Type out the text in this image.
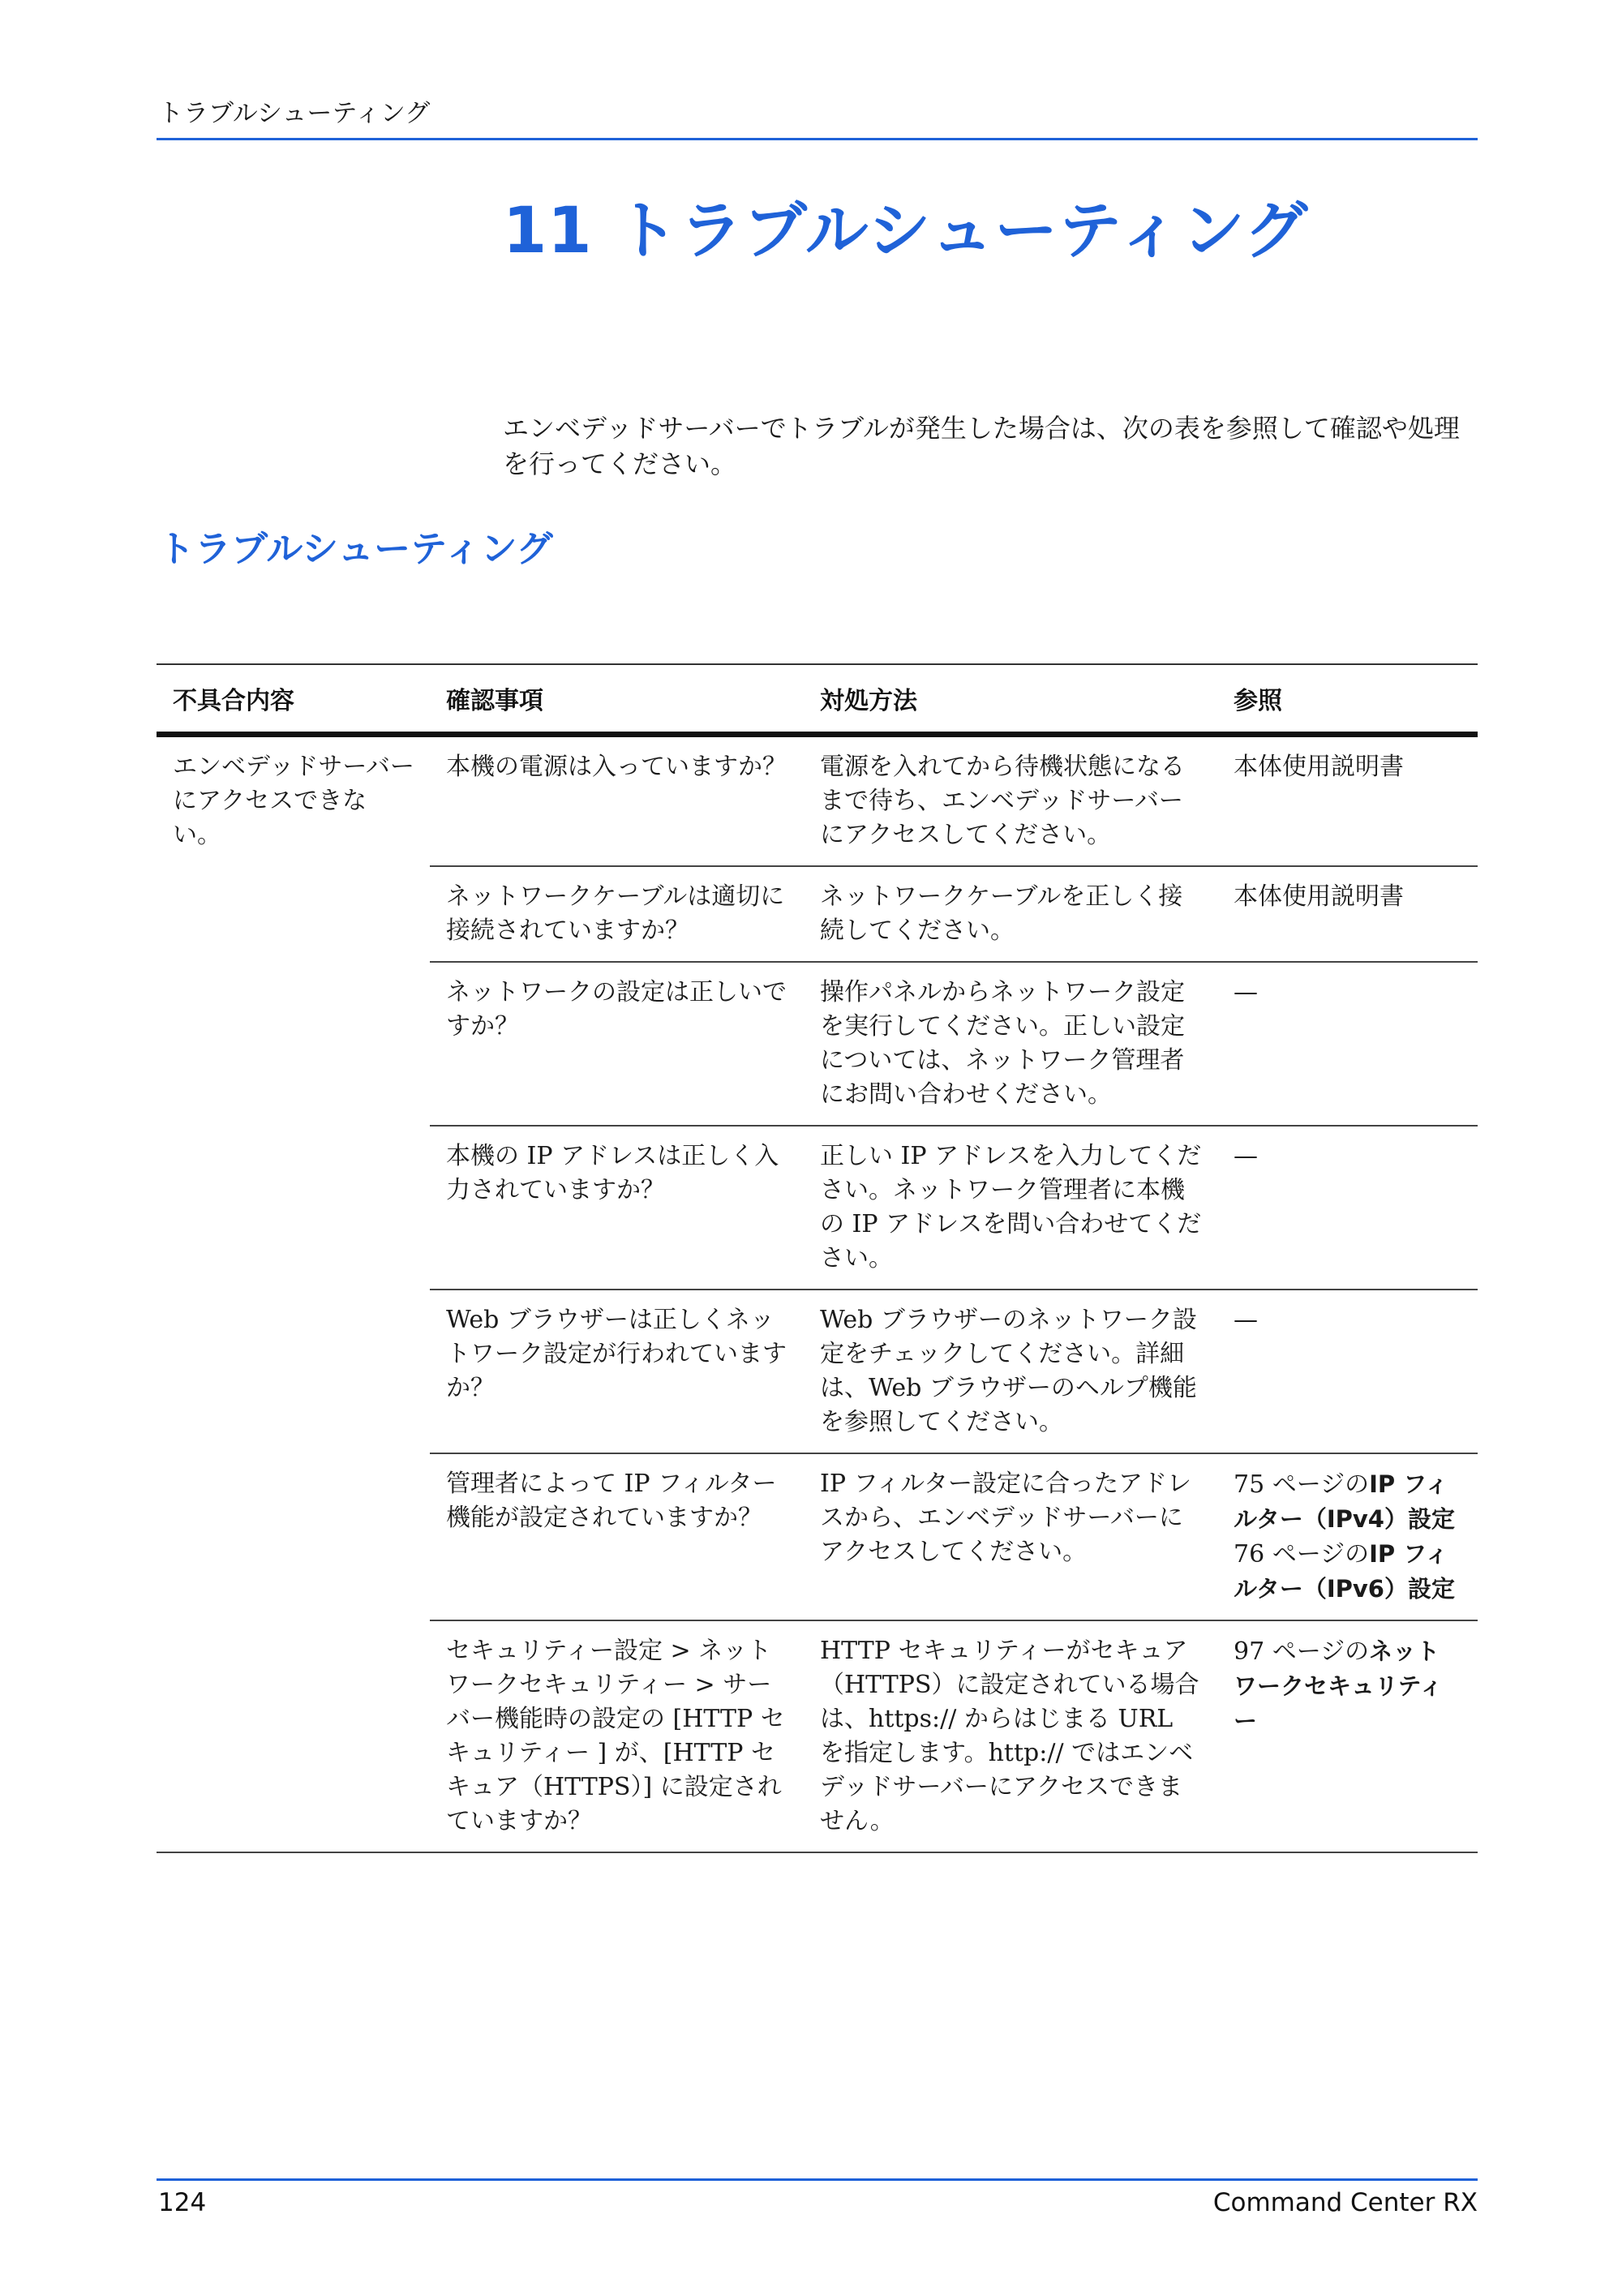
トラブルシューティング
11 トラブルシューティング

エンベデッドサーバーでトラブルが発生した場合は、次の表を参照して確認や処理を行ってください。

トラブルシューティング
不具合内容	確認事項	対処方法	参照
エンベデッドサーバーにアクセスできない。	本機の電源は入っていますか？	電源を入れてから待機状態になるまで待ち、エンベデッドサーバーにアクセスしてください。	本体使用説明書

	ネットワークケーブルは適切に接続されていますか？	ネットワークケーブルを正しく接続してください。	本体使用説明書

	ネットワークの設定は正しいですか？	操作パネルからネットワーク設定を実行してください。正しい設定については、ネットワーク管理者にお問い合わせください。	—

	本機の IP アドレスは正しく入力されていますか？	正しい IP アドレスを入力してください。ネットワーク管理者に本機の IP アドレスを問い合わせてください。	—

	Web ブラウザーは正しくネットワーク設定が行われていますか？	Web ブラウザーのネットワーク設定をチェックしてください。詳細は、Web ブラウザーのヘルプ機能を参照してください。	—

	管理者によって IP フィルター機能が設定されていますか？	IP フィルター設定に合ったアドレスから、エンベデッドサーバーにアクセスしてください。	75 ページのIP フィルター（IPv4）設定
76 ページのIP フィルター（IPv6）設定

	セキュリティー設定 > ネットワークセキュリティー > サーバー機能時の設定の [HTTP セキュリティー ] が、[HTTP セキュア（HTTPS）] に設定されていますか？	HTTP セキュリティーがセキュア（HTTPS）に設定されている場合は、https:// からはじまる URL を指定します。http:// ではエンベデッドサーバーにアクセスできません。	97 ページのネットワークセキュリティー
124	Command Center RX
